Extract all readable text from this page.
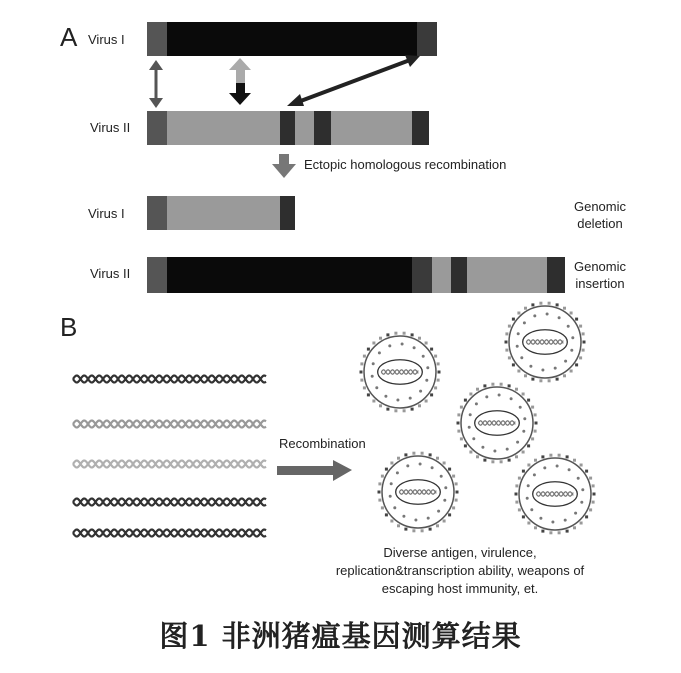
A Virus I
Virus II
Ectopic homologous recombination
Virus I
Virus II
Genomic
deletion
Genomic
insertion
B
Recombination
Diverse antigen, virulence,
replication&transcription ability, weapons of
escaping host immunity, et.
图1 非洲猪瘟基因测算结果
